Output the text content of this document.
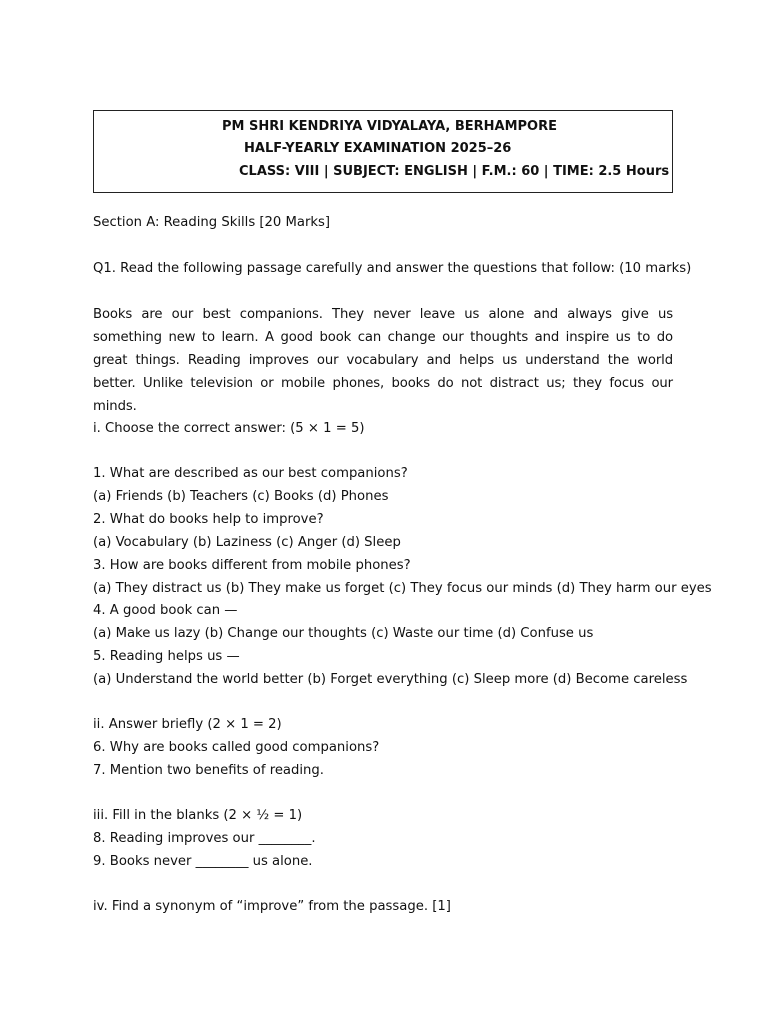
PM SHRI KENDRIYA VIDYALAYA, BERHAMPORE
HALF-YEARLY EXAMINATION 2025–26
CLASS: VIII | SUBJECT: ENGLISH | F.M.: 60 | TIME: 2.5 Hours
Section A: Reading Skills [20 Marks]
Q1. Read the following passage carefully and answer the questions that follow: (10 marks)
Books are our best companions. They never leave us alone and always give us something new to learn. A good book can change our thoughts and inspire us to do great things. Reading improves our vocabulary and helps us understand the world better. Unlike television or mobile phones, books do not distract us; they focus our minds.
i. Choose the correct answer: (5 × 1 = 5)
1. What are described as our best companions?
(a) Friends (b) Teachers (c) Books (d) Phones
2. What do books help to improve?
(a) Vocabulary (b) Laziness (c) Anger (d) Sleep
3. How are books different from mobile phones?
(a) They distract us (b) They make us forget (c) They focus our minds (d) They harm our eyes
4. A good book can —
(a) Make us lazy (b) Change our thoughts (c) Waste our time (d) Confuse us
5. Reading helps us —
(a) Understand the world better (b) Forget everything (c) Sleep more (d) Become careless
ii. Answer briefly (2 × 1 = 2)
6. Why are books called good companions?
7. Mention two benefits of reading.
iii. Fill in the blanks (2 × ½ = 1)
8. Reading improves our ________.
9. Books never ________ us alone.
iv. Find a synonym of “improve” from the passage. [1]
